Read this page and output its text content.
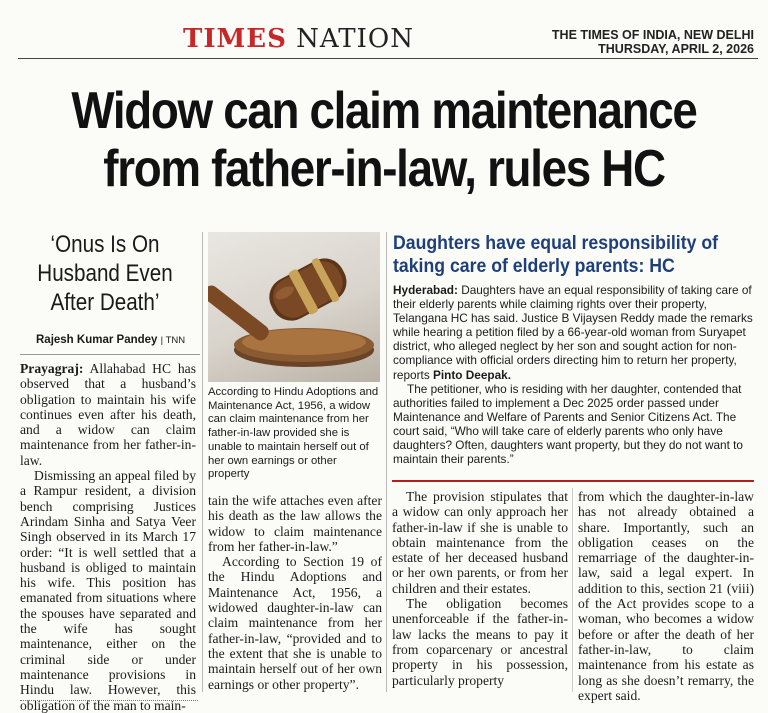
TIMES NATION	THE TIMES OF INDIA, NEW DELHI
THURSDAY, APRIL 2, 2026
Widow can claim maintenance
from father-in-law, rules HC
‘Onus Is On
Husband Even
After Death’
Rajesh Kumar Pandey | TNN
According to Hindu Adoptions and Maintenance Act, 1956, a widow can claim maintenance from her father-in-law provided she is unable to maintain herself out of her own earnings or other property

Prayagraj: Allahabad HC has observed that a husband’s obligation to maintain his wife continues even after his death, and a widow can claim maintenance from her father-in-law.

Dismissing an appeal filed by a Rampur resident, a division bench comprising Justices Arindam Sinha and Satya Veer Singh observed in its March 17 order: “It is well settled that a husband is obliged to maintain his wife. This position has emanated from situations where the spouses have separated and the wife has sought maintenance, either on the criminal side or under maintenance provisions in Hindu law. However, this obligation of the man to main-

tain the wife attaches even after his death as the law allows the widow to claim maintenance from her father-in-law.”

According to Section 19 of the Hindu Adoptions and Maintenance Act, 1956, a widowed daughter-in-law can claim maintenance from her father-in-law, “provided and to the extent that she is unable to maintain herself out of her own earnings or other property”.

The provision stipulates that a widow can only approach her father-in-law if she is unable to obtain maintenance from the estate of her deceased husband or her own parents, or from her children and their estates.

The obligation becomes unenforceable if the father-in-law lacks the means to pay it from coparcenary or ancestral property in his possession, particularly property

from which the daughter-in-law has not already obtained a share. Importantly, such an obligation ceases on the remarriage of the daughter-in-law, said a legal expert. In addition to this, section 21 (viii) of the Act provides scope to a woman, who becomes a widow before or after the death of her father-in-law, to claim maintenance from his estate as long as she doesn’t remarry, the expert said.

Daughters have equal responsibility of
taking care of elderly parents: HC

Hyderabad: Daughters have an equal responsibility of taking care of their elderly parents while claiming rights over their property, Telangana HC has said. Justice B Vijaysen Reddy made the remarks while hearing a petition filed by a 66-year-old woman from Suryapet district, who alleged neglect by her son and sought action for non-compliance with official orders directing him to return her property, reports Pinto Deepak.

The petitioner, who is residing with her daughter, contended that authorities failed to implement a Dec 2025 order passed under Maintenance and Welfare of Parents and Senior Citizens Act. The court said, “Who will take care of elderly parents who only have daughters? Often, daughters want property, but they do not want to maintain their parents.”
